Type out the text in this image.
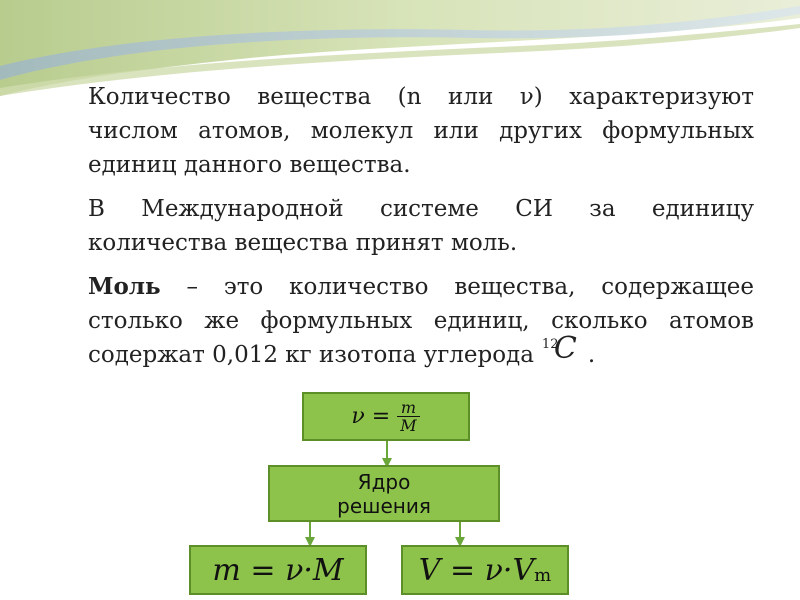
Количество вещества (n или ν) характеризуют числом атомов, молекул или других формульных единиц данного вещества.

В Международной системе СИ за единицу количества вещества принят моль.

Моль – это количество вещества, содержащее столько же формульных единиц, сколько атомов содержат 0,012 кг изотопа углерода 12
C .

$\nu = \frac{m}{M}$
Ядро
решения
m = ν·M	V = ν·V m
